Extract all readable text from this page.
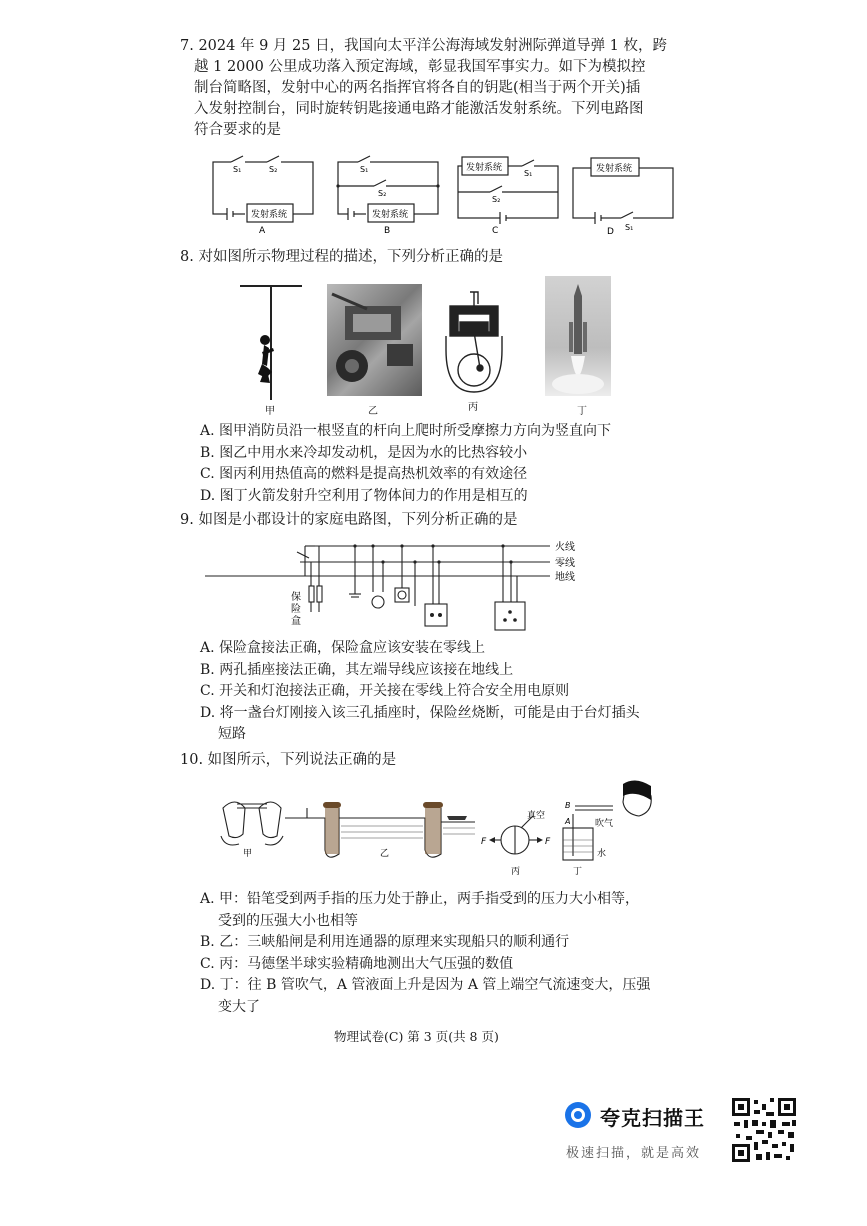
7. 2024 年 9 月 25 日，我国向太平洋公海海域发射洲际弹道导弹 1 枚，跨
越 1 2000 公里成功落入预定海域，彰显我国军事实力。如下为模拟控
制台简略图，发射中心的两名指挥官将各自的钥匙(相当于两个开关)插
入发射控制台，同时旋转钥匙接通电路才能激活发射系统。下列电路图
符合要求的是
S₁	S₂
发射系统
A
S₁
S₂
发射系统
B
发射系统
S₁
S₂
C
发射系统
S₁
D
8. 对如图所示物理过程的描述，下列分析正确的是
甲	乙	丙	丁
A. 图甲消防员沿一根竖直的杆向上爬时所受摩擦力方向为竖直向下
B. 图乙中用水来冷却发动机，是因为水的比热容较小
C. 图丙利用热值高的燃料是提高热机效率的有效途径
D. 图丁火箭发射升空利用了物体间力的作用是相互的
9. 如图是小郡设计的家庭电路图，下列分析正确的是
火线
零线
地线
保
险
盒
A. 保险盒接法正确，保险盒应该安装在零线上
B. 两孔插座接法正确，其左端导线应该接在地线上
C. 开关和灯泡接法正确，开关接在零线上符合安全用电原则
D. 将一盏台灯刚接入该三孔插座时，保险丝烧断，可能是由于台灯插头
短路
10. 如图所示，下列说法正确的是
甲	乙
F	F
真空
丙
B
A	吹气
水
丁
A. 甲：铅笔受到两手指的压力处于静止，两手指受到的压力大小相等，
受到的压强大小也相等
B. 乙：三峡船闸是利用连通器的原理来实现船只的顺利通行
C. 丙：马德堡半球实验精确地测出大气压强的数值
D. 丁：往 B 管吹气，A 管液面上升是因为 A 管上端空气流速变大，压强
变大了
物理试卷(C) 第 3 页(共 8 页)
夸克扫描王
极速扫描，就是高效
